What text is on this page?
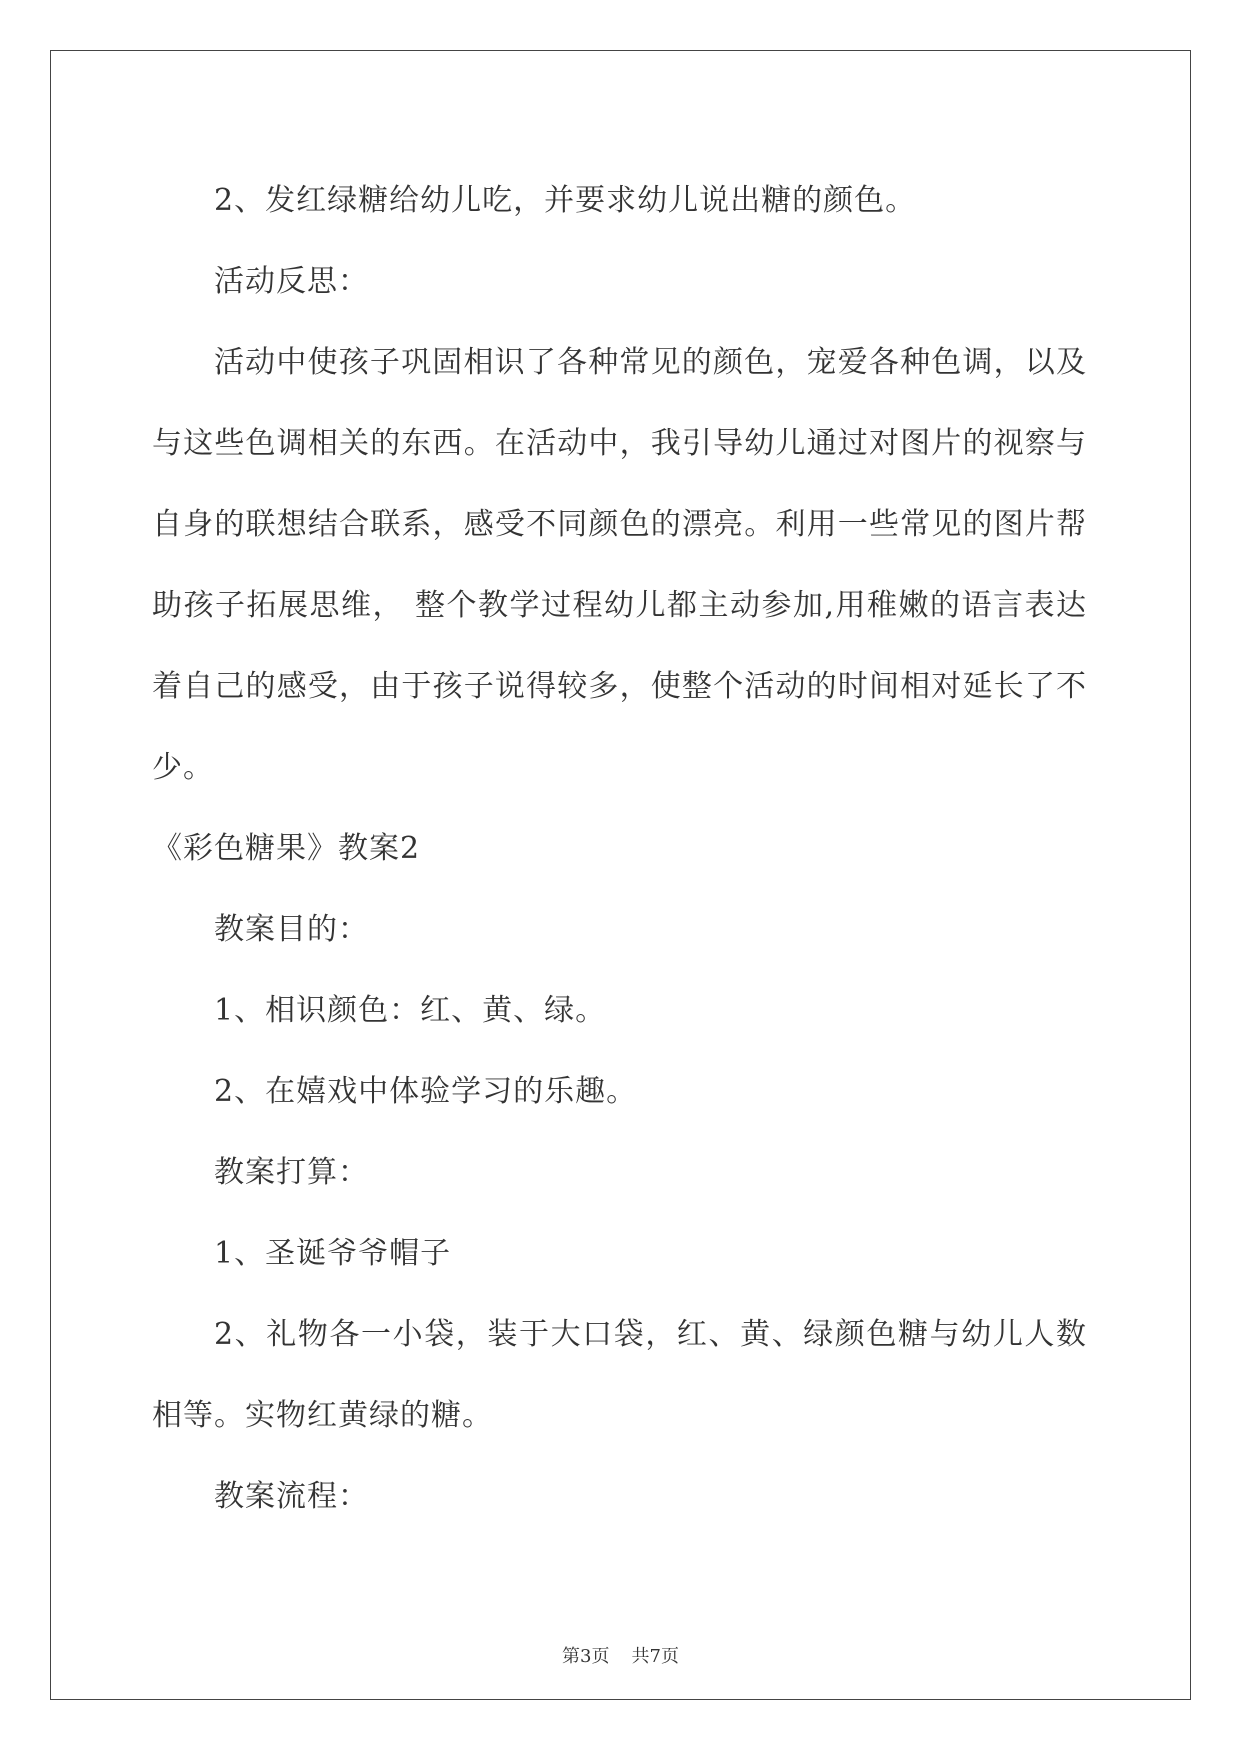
2、发红绿糖给幼儿吃，并要求幼儿说出糖的颜色。

活动反思：

活动中使孩子巩固相识了各种常见的颜色，宠爱各种色调，以及与这些色调相关的东西。在活动中，我引导幼儿通过对图片的视察与自身的联想结合联系，感受不同颜色的漂亮。利用一些常见的图片帮助孩子拓展思维， 整个教学过程幼儿都主动参加,用稚嫩的语言表达着自己的感受，由于孩子说得较多，使整个活动的时间相对延长了不少。

《彩色糖果》教案2

教案目的：

1、相识颜色：红、黄、绿。

2、在嬉戏中体验学习的乐趣。

教案打算：

1、圣诞爷爷帽子

2、礼物各一小袋，装于大口袋，红、黄、绿颜色糖与幼儿人数相等。实物红黄绿的糖。

教案流程：

第3页 共7页
